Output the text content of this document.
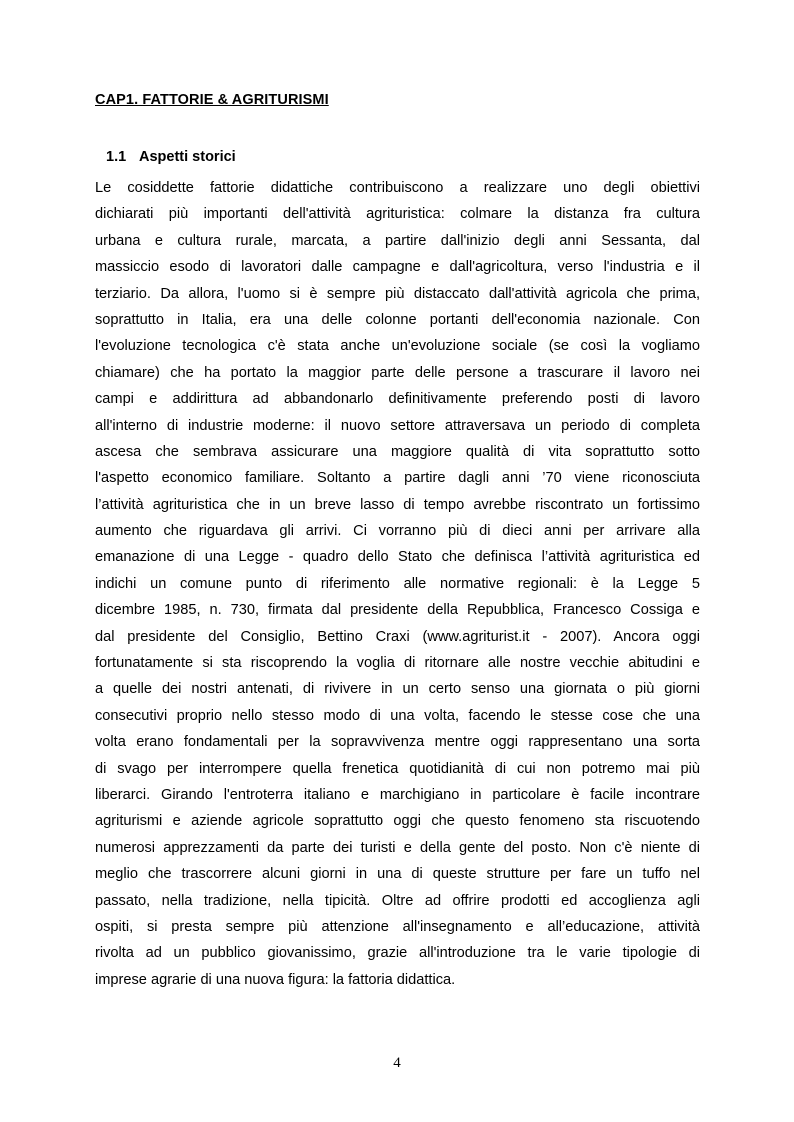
CAP1. FATTORIE & AGRITURISMI
1.1 Aspetti storici
Le cosiddette fattorie didattiche contribuiscono a realizzare uno degli obiettivi
dichiarati più importanti dell'attività agrituristica: colmare la distanza fra cultura
urbana e cultura rurale, marcata, a partire dall'inizio degli anni Sessanta, dal
massiccio esodo di lavoratori dalle campagne e dall'agricoltura, verso l'industria e il
terziario. Da allora, l'uomo si è sempre più distaccato dall'attività agricola che prima,
soprattutto in Italia, era una delle colonne portanti dell'economia nazionale. Con
l'evoluzione tecnologica c'è stata anche un'evoluzione sociale (se così la vogliamo
chiamare) che ha portato la maggior parte delle persone a trascurare il lavoro nei
campi e addirittura ad abbandonarlo definitivamente preferendo posti di lavoro
all'interno di industrie moderne: il nuovo settore attraversava un periodo di completa
ascesa che sembrava assicurare una maggiore qualità di vita soprattutto sotto
l'aspetto economico familiare. Soltanto a partire dagli anni ’70 viene riconosciuta
l’attività agrituristica che in un breve lasso di tempo avrebbe riscontrato un fortissimo
aumento che riguardava gli arrivi. Ci vorranno più di dieci anni per arrivare alla
emanazione di una Legge - quadro dello Stato che definisca l’attività agrituristica ed
indichi un comune punto di riferimento alle normative regionali: è la Legge 5
dicembre 1985, n. 730, firmata dal presidente della Repubblica, Francesco Cossiga e
dal presidente del Consiglio, Bettino Craxi (www.agriturist.it - 2007). Ancora oggi
fortunatamente si sta riscoprendo la voglia di ritornare alle nostre vecchie abitudini e
a quelle dei nostri antenati, di rivivere in un certo senso una giornata o più giorni
consecutivi proprio nello stesso modo di una volta, facendo le stesse cose che una
volta erano fondamentali per la sopravvivenza mentre oggi rappresentano una sorta
di svago per interrompere quella frenetica quotidianità di cui non potremo mai più
liberarci. Girando l'entroterra italiano e marchigiano in particolare è facile incontrare
agriturismi e aziende agricole soprattutto oggi che questo fenomeno sta riscuotendo
numerosi apprezzamenti da parte dei turisti e della gente del posto. Non c'è niente di
meglio che trascorrere alcuni giorni in una di queste strutture per fare un tuffo nel
passato, nella tradizione, nella tipicità. Oltre ad offrire prodotti ed accoglienza agli
ospiti, si presta sempre più attenzione all'insegnamento e all’educazione, attività
rivolta ad un pubblico giovanissimo, grazie all'introduzione tra le varie tipologie di
imprese agrarie di una nuova figura: la fattoria didattica.
4
